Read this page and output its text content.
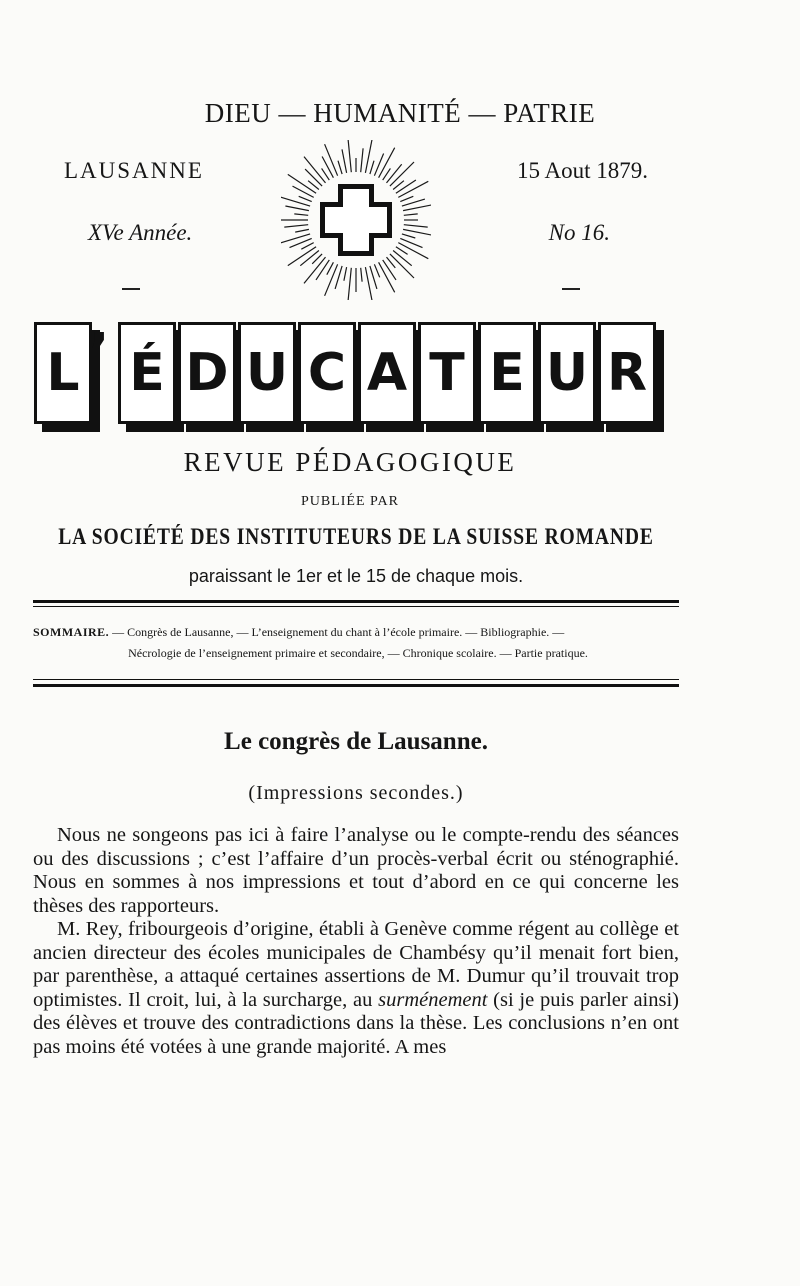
DIEU — HUMANITÉ — PATRIE
LAUSANNE	15 Aout 1879.
XVe Année.	No 16.
L ’ É D U C A T E U R
REVUE PÉDAGOGIQUE
PUBLIÉE PAR
LA SOCIÉTÉ DES INSTITUTEURS DE LA SUISSE ROMANDE
paraissant le 1er et le 15 de chaque mois.
SOMMAIRE. — Congrès de Lausanne, — L’enseignement du chant à l’école primaire. — Bibliographie. —
Nécrologie de l’enseignement primaire et secondaire, — Chronique scolaire. — Partie pratique.
Le congrès de Lausanne.
(Impressions secondes.)

Nous ne songeons pas ici à faire l’analyse ou le compte-rendu des séances ou des discussions ; c’est l’affaire d’un procès-verbal écrit ou sténographié. Nous en sommes à nos impressions et tout d’abord en ce qui concerne les thèses des rapporteurs.

M. Rey, fribourgeois d’origine, établi à Genève comme régent au collège et ancien directeur des écoles municipales de Chambésy qu’il menait fort bien, par parenthèse, a attaqué certaines assertions de M. Dumur qu’il trouvait trop optimistes. Il croit, lui, à la surcharge, au surménement (si je puis parler ainsi) des élèves et trouve des contradictions dans la thèse. Les conclusions n’en ont pas moins été votées à une grande majorité. A mes
